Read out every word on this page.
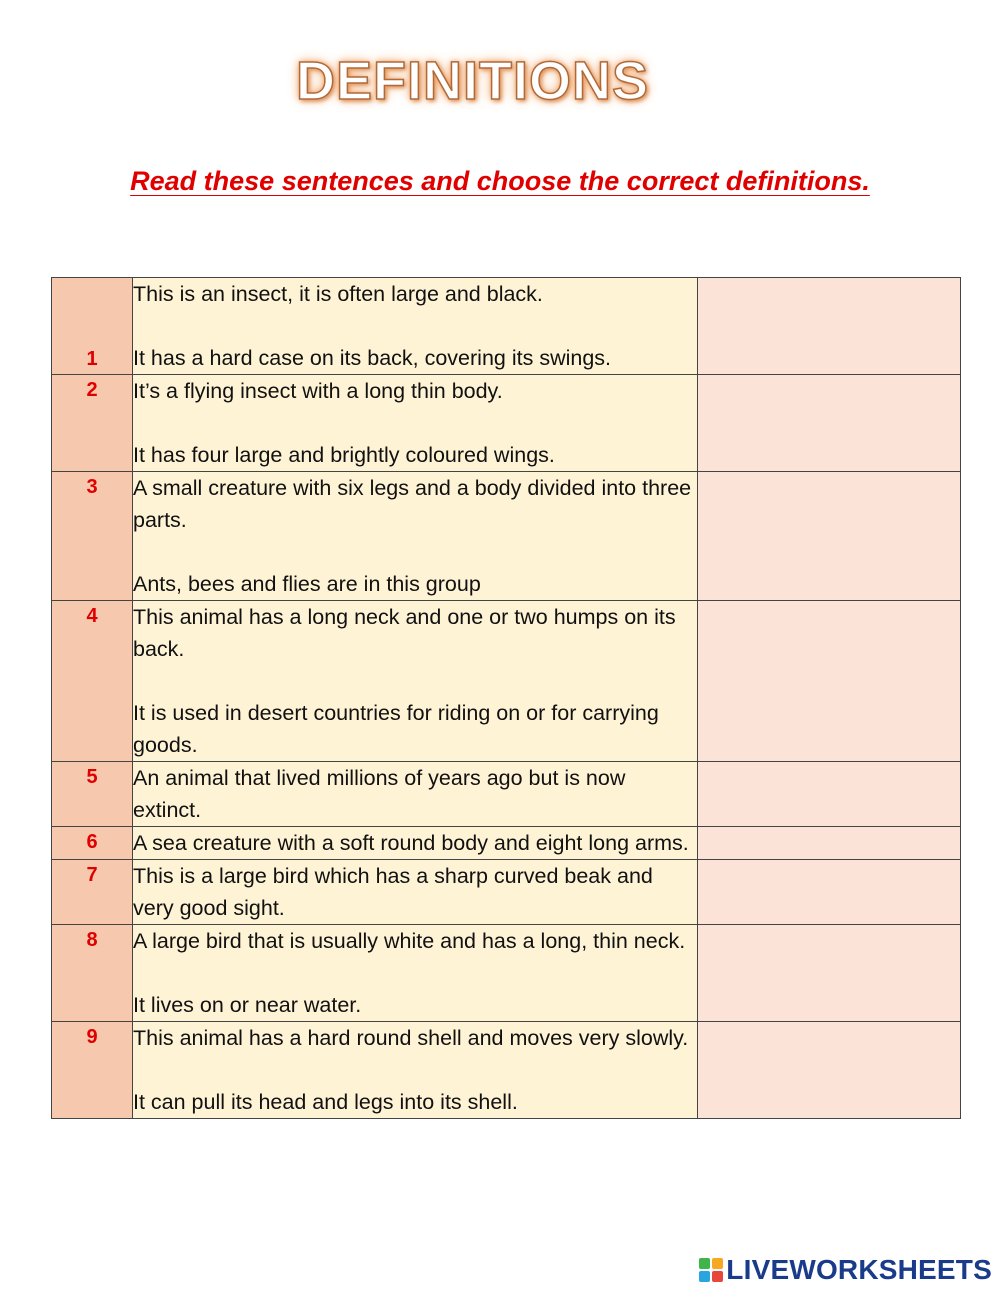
DEFINITIONS
Read these sentences and choose the correct definitions.
1	This is an insect, it is often large and black.
It has a hard case on its back, covering its swings.	

2	It’s a flying insect with a long thin body.
It has four large and brightly coloured wings.	

3	A small creature with six legs and a body divided into three parts.
Ants, bees and flies are in this group	

4	This animal has a long neck and one or two humps on its back.
It is used in desert countries for riding on or for carrying goods.	

5	An animal that lived millions of years ago but is now extinct.	

6	A sea creature with a soft round body and eight long arms.	

7	This is a large bird which has a sharp curved beak and very good sight.	

8	A large bird that is usually white and has a long, thin neck.
It lives on or near water.	

9	This animal has a hard round shell and moves very slowly.
It can pull its head and legs into its shell.	

LIVEWORKSHEETS
